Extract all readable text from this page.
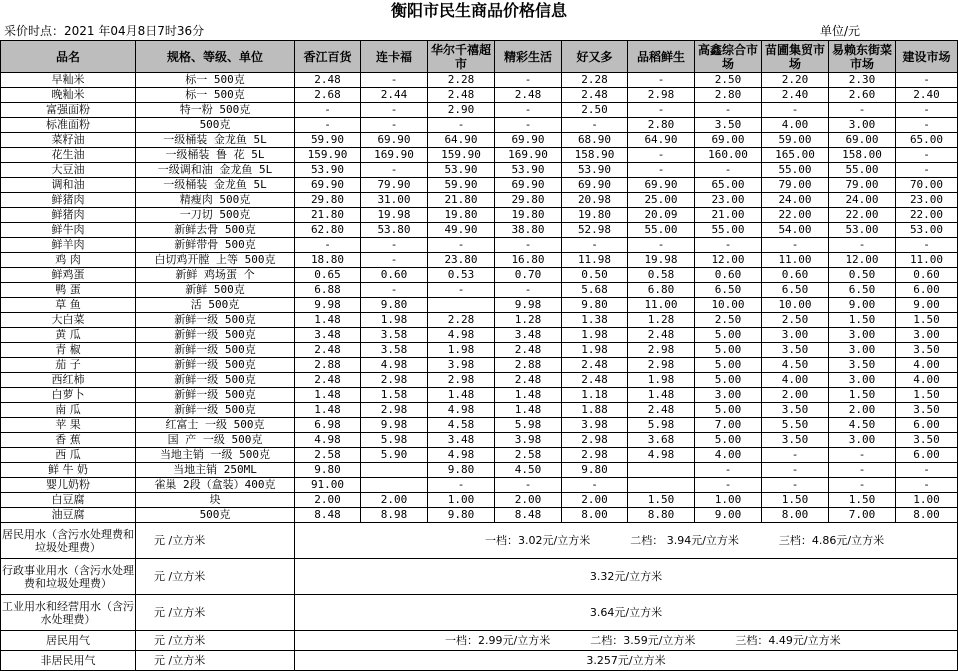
衡阳市民生商品价格信息
采价时点：2021 年04月8日7时36分	单位/元
品名	规格、等级、单位	香江百货	连卡福	华尔千禧超 市	精彩生活	好又多	品稻鲜生	高鑫综合市 场	苗圃集贸市 场	易赖东街菜市场	建设市场
早籼米	标一 500克	2.48	-	2.28	-	2.28	-	2.50	2.20	2.30	-
晚籼米	标一 500克	2.68	2.44	2.48	2.48	2.48	2.98	2.80	2.40	2.60	2.40
富强面粉	特一粉 500克	-	-	2.90	-	2.50	-	-	-	-	-
标准面粉	500克	-	-	-	-	-	2.80	3.50	4.00	3.00	-
菜籽油	一级桶装 金龙鱼 5L	59.90	69.90	64.90	69.90	68.90	64.90	69.00	59.00	69.00	65.00
花生油	一级桶装 鲁 花 5L	159.90	169.90	159.90	169.90	158.90	-	160.00	165.00	158.00	-
大豆油	一级调和油 金龙鱼 5L	53.90	-	53.90	53.90	53.90	-	-	55.00	55.00	-
调和油	一级桶装 金龙鱼 5L	69.90	79.90	59.90	69.90	69.90	69.90	65.00	79.00	79.00	70.00
鲜猪肉	精瘦肉 500克	29.80	31.00	21.80	29.80	20.98	25.00	23.00	24.00	24.00	23.00
鲜猪肉	一刀切 500克	21.80	19.98	19.80	19.80	19.80	20.09	21.00	22.00	22.00	22.00
鲜牛肉	新鲜去骨 500克	62.80	53.80	49.90	38.80	52.98	55.00	55.00	54.00	53.00	53.00
鲜羊肉	新鲜带骨 500克	-	-	-	-	-	-	-	-	-	-
鸡 肉	白切鸡开膛 上等 500克	18.80	-	23.80	16.80	11.98	19.98	12.00	11.00	12.00	11.00
鲜鸡蛋	新鲜 鸡场蛋 个	0.65	0.60	0.53	0.70	0.50	0.58	0.60	0.60	0.50	0.60
鸭 蛋	新鲜 500克	6.88	-	-	-	5.68	6.80	6.50	6.50	6.50	6.00
草 鱼	活 500克	9.98	9.80		9.98	9.80	11.00	10.00	10.00	9.00	9.00
大白菜	新鲜一级 500克	1.48	1.98	2.28	1.28	1.38	1.28	2.50	2.50	1.50	1.50
黄 瓜	新鲜一级 500克	3.48	3.58	4.98	3.48	1.98	2.48	5.00	3.00	3.00	3.00
青 椒	新鲜一级 500克	2.48	3.58	1.98	2.48	1.98	2.98	5.00	3.50	3.00	3.50
茄 子	新鲜一级 500克	2.88	4.98	3.98	2.88	2.48	2.98	5.00	4.50	3.50	4.00
西红柿	新鲜一级 500克	2.48	2.98	2.98	2.48	2.48	1.98	5.00	4.00	3.00	4.00
白萝卜	新鲜一级 500克	1.48	1.58	1.48	1.48	1.18	1.48	3.00	2.00	1.50	1.50
南 瓜	新鲜一级 500克	1.48	2.98	4.98	1.48	1.88	2.48	5.00	3.50	2.00	3.50
苹 果	红富士 一级 500克	6.98	9.98	4.58	5.98	3.98	5.98	7.00	5.50	4.50	6.00
香 蕉	国 产 一级 500克	4.98	5.98	3.48	3.98	2.98	3.68	5.00	3.50	3.00	3.50
西 瓜	当地主销 一级 500克	2.58	5.90	4.98	2.58	2.98	4.98	4.00	-	-	6.00
鲜 牛 奶	当地主销 250ML	9.80		9.80	4.50	9.80		-	-	-	-
婴儿奶粉	雀巢 2段（盒装）400克	91.00		-	-	-		-	-	-	-
白豆腐	块	2.00	2.00	1.00	2.00	2.00	1.50	1.00	1.50	1.50	1.00
油豆腐	500克	8.48	8.98	9.80	8.48	8.00	8.80	9.00	8.00	7.00	8.00
居民用水（含污水处理费和垃圾处理费）	元 /立方米	一档：3.02元/立方米 二档： 3.94元/立方米 三档：4.86元/立方米									
行政事业用水（含污水处理费和垃圾处理费）	元 /立方米	3.32元/立方米									
工业用水和经营用水（含污水处理费）	元 /立方米	3.64元/立方米									
居民用气	元 /立方米	一档：2.99元/立方米 二档：3.59元/立方米 三档：4.49元/立方米									
非居民用气	元 /立方米	3.257元/立方米									
